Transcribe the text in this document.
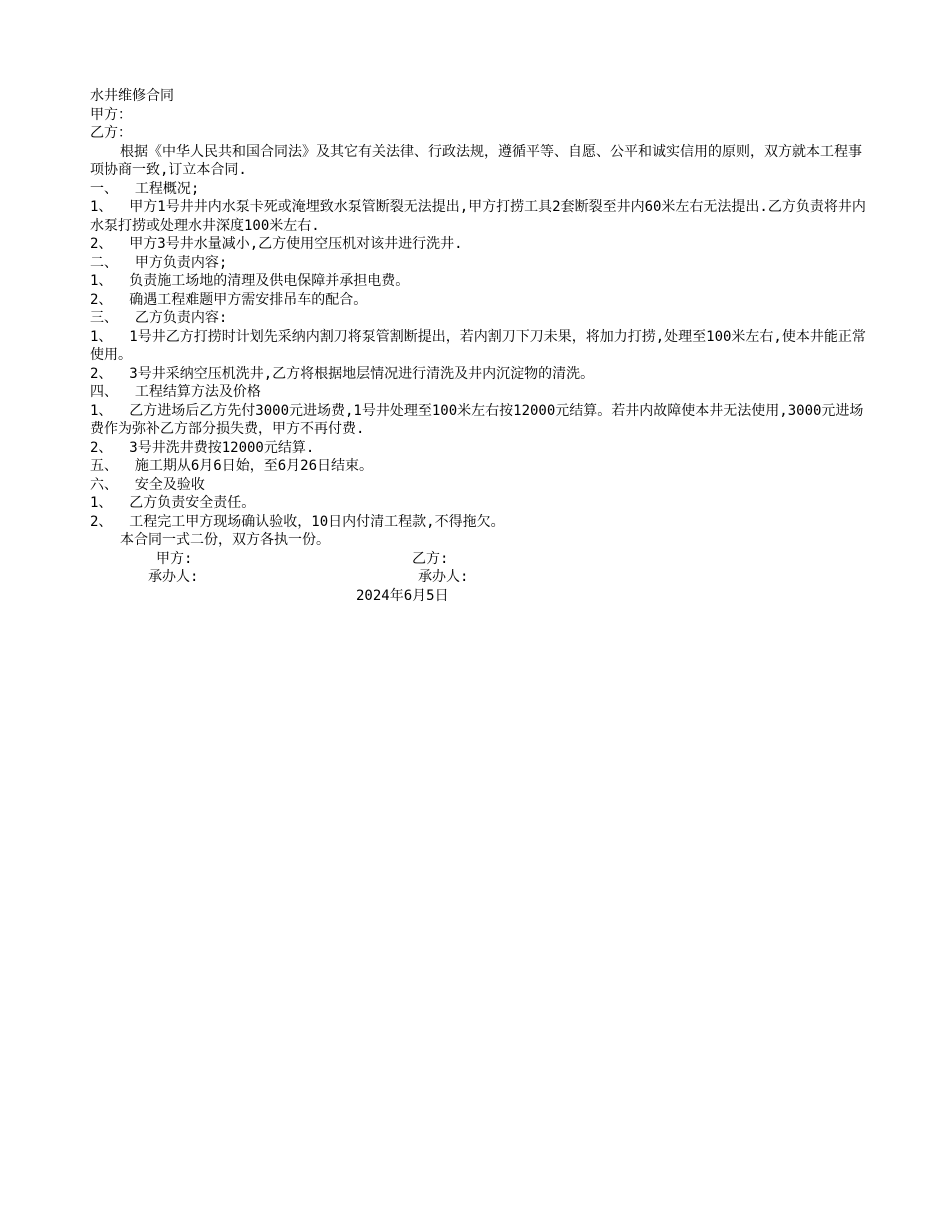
水井维修合同

甲方：

乙方：

根据《中华人民共和国合同法》及其它有关法律、行政法规，遵循平等、自愿、公平和诚实信用的原则，双方就本工程事项协商一致,订立本合同.

一、  工程概况;

1、  甲方1号井井内水泵卡死或淹埋致水泵管断裂无法提出,甲方打捞工具2套断裂至井内60米左右无法提出.乙方负责将井内水泵打捞或处理水井深度100米左右.

2、  甲方3号井水量减小,乙方使用空压机对该井进行洗井.

二、  甲方负责内容;

1、  负责施工场地的清理及供电保障并承担电费。

2、  确遇工程难题甲方需安排吊车的配合。

三、  乙方负责内容:

1、  1号井乙方打捞时计划先采纳内割刀将泵管割断提出，若内割刀下刀未果，将加力打捞,处理至100米左右,使本井能正常使用。

2、  3号井采纳空压机洗井,乙方将根据地层情况进行清洗及井内沉淀物的清洗。

四、  工程结算方法及价格

1、  乙方进场后乙方先付3000元进场费,1号井处理至100米左右按12000元结算。若井内故障使本井无法使用,3000元进场费作为弥补乙方部分损失费，甲方不再付费.

2、  3号井洗井费按12000元结算.

五、  施工期从6月6日始，至6月26日结束。

六、  安全及验收

1、  乙方负责安全责任。

2、  工程完工甲方现场确认验收，10日内付清工程款,不得拖欠。

本合同一式二份，双方各执一份。

甲方:	乙方:
承办人:	承办人:
2024年6月5日
